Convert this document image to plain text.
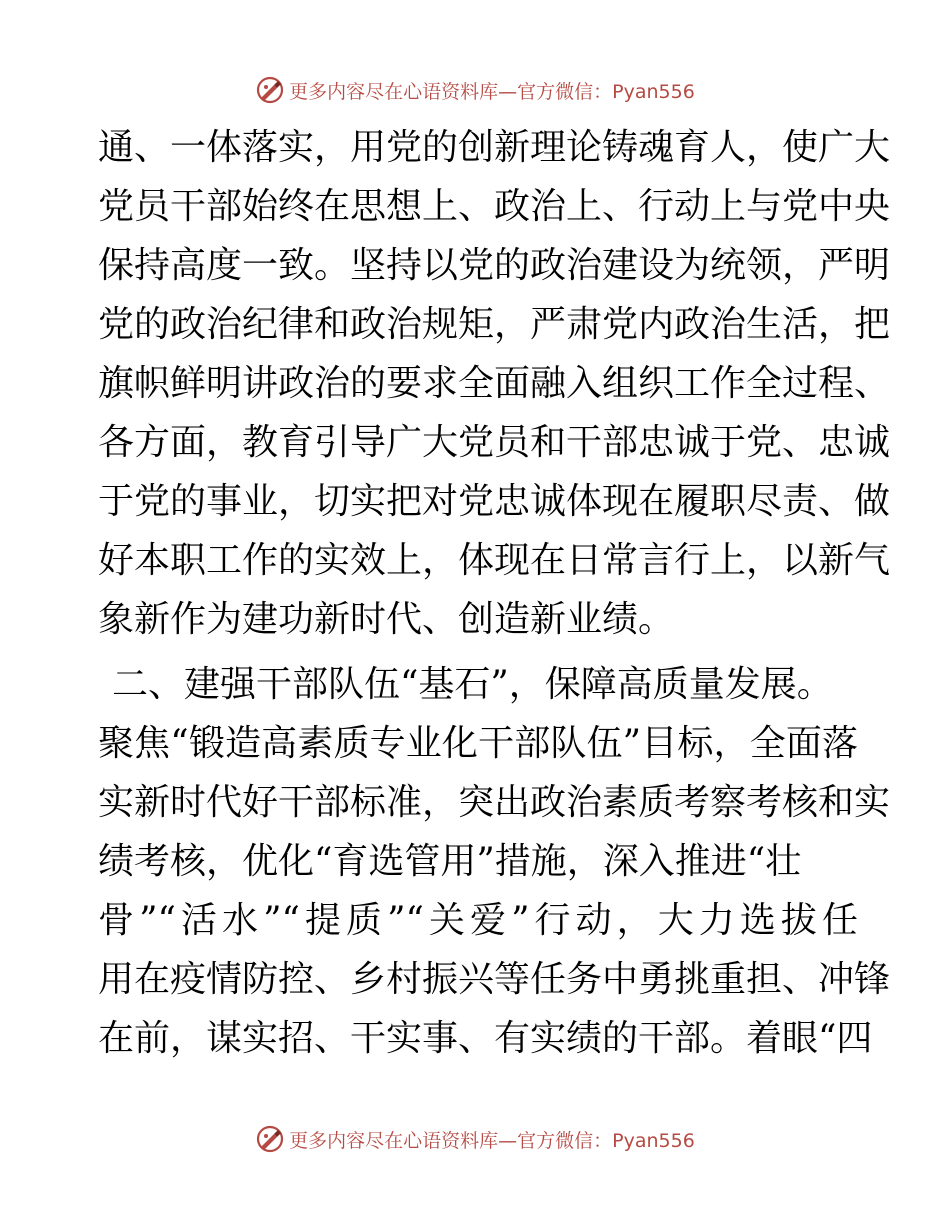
更多内容尽在心语资料库—官方微信：Pyan556
通、一体落实，用党的创新理论铸魂育人，使广大
党员干部始终在思想上、政治上、行动上与党中央
保持高度一致。坚持以党的政治建设为统领，严明
党的政治纪律和政治规矩，严肃党内政治生活，把
旗帜鲜明讲政治的要求全面融入组织工作全过程、
各方面，教育引导广大党员和干部忠诚于党、忠诚
于党的事业，切实把对党忠诚体现在履职尽责、做
好本职工作的实效上，体现在日常言行上，以新气
象新作为建功新时代、创造新业绩。
二、建强干部队伍“基石”，保障高质量发展。
聚焦“锻造高素质专业化干部队伍”目标，全面落
实新时代好干部标准，突出政治素质考察考核和实
绩考核，优化“育选管用”措施，深入推进“壮
骨”“活水”“提质”“关爱”行动，大力选拔任
用在疫情防控、乡村振兴等任务中勇挑重担、冲锋
在前，谋实招、干实事、有实绩的干部。着眼“四
更多内容尽在心语资料库—官方微信：Pyan556
